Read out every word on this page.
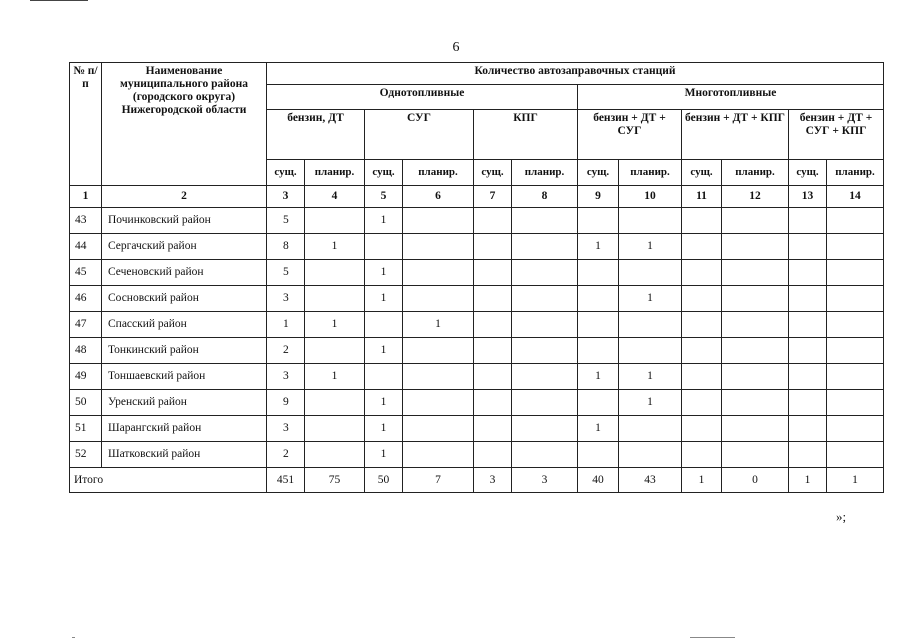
6
№ п/п	Наименование муниципального района (городского округа) Нижегородской области	Количество автозаправочных станций											
		Однотопливные						Многотопливные					
		бензин, ДТ		СУГ		КПГ		бензин + ДТ + СУГ		бензин + ДТ + КПГ		бензин + ДТ + СУГ + КПГ	
		сущ.	планир.	сущ.	планир.	сущ.	планир.	сущ.	планир.	сущ.	планир.	сущ.	планир.
1	2	3	4	5	6	7	8	9	10	11	12	13	14
43	Починковский район	5		1									
44	Сергачский район	8	1					1	1				
45	Сеченовский район	5		1									
46	Сосновский район	3		1					1				
47	Спасский район	1	1		1								
48	Тонкинский район	2		1									
49	Тоншаевский район	3	1					1	1				
50	Уренский район	9		1					1				
51	Шарангский район	3		1				1					
52	Шатковский район	2		1									
Итого		451	75	50	7	3	3	40	43	1	0	1	1
»;
